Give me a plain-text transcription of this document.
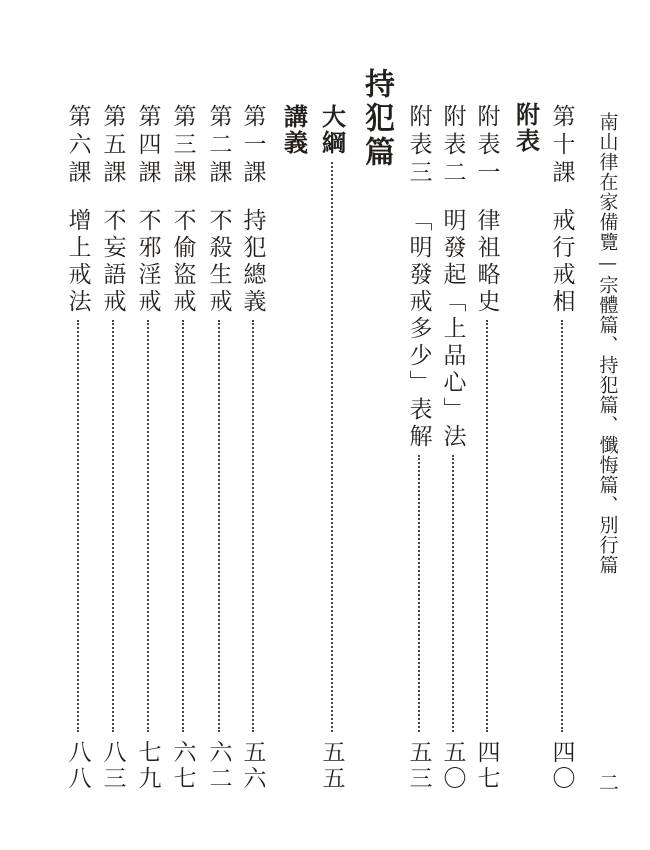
南山律在家備覽—宗體篇、持犯篇、懺悔篇、別行篇
二
第十課
戒行戒相
四〇
附表
附表一
律祖略史
四七
附表二
明發起「上品心」法
五〇
附表三
「明發戒多少」表解
五三
持犯篇
大綱
五五
講義
第一課
持犯總義
五六
第二課
不殺生戒
六二
第三課
不偷盜戒
六七
第四課
不邪淫戒
七九
第五課
不妄語戒
八三
第六課
增上戒法
八八
